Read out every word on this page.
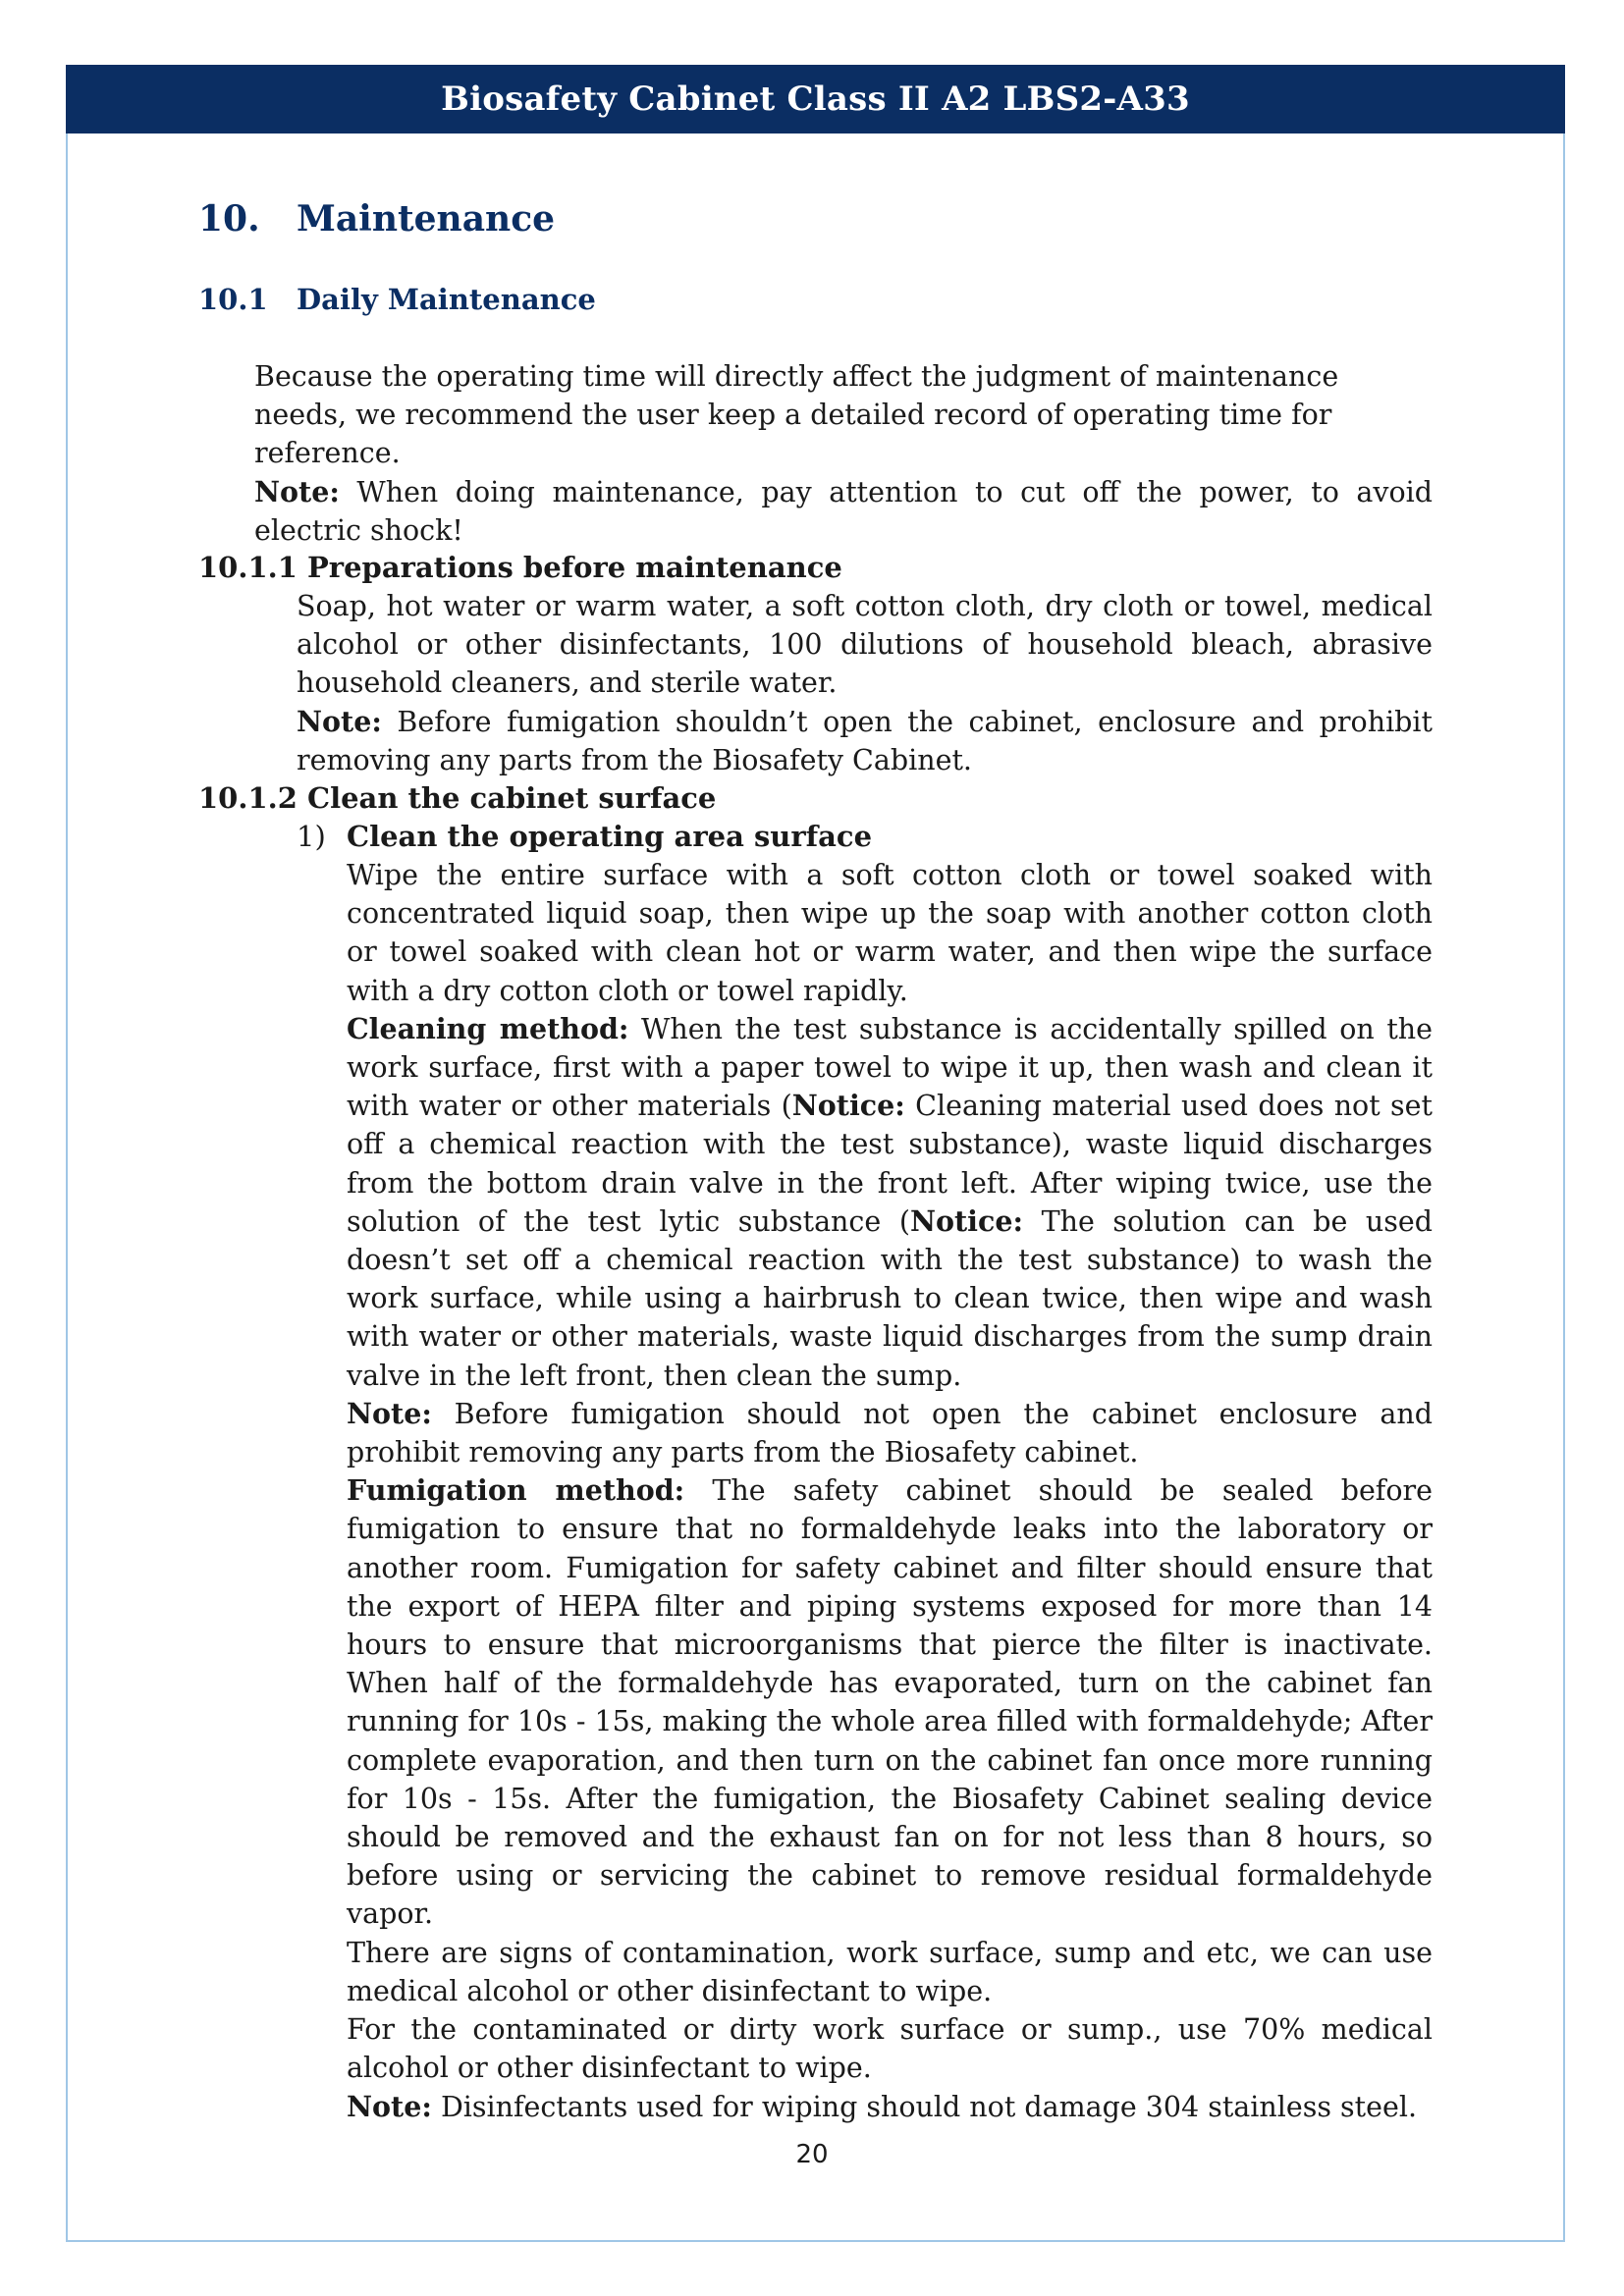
Biosafety Cabinet Class II A2 LBS2-A33
10. Maintenance
10.1 Daily Maintenance

Because the operating time will directly affect the judgment of maintenance needs, we recommend the user keep a detailed record of operating time for reference.

Note: When doing maintenance, pay attention to cut off the power, to avoid electric shock!

10.1.1 Preparations before maintenance

Soap, hot water or warm water, a soft cotton cloth, dry cloth or towel, medical alcohol or other disinfectants, 100 dilutions of household bleach, abrasive household cleaners, and sterile water.

Note: Before fumigation shouldn’t open the cabinet, enclosure and prohibit removing any parts from the Biosafety Cabinet.

10.1.2 Clean the cabinet surface
1) Clean the operating area surface

Wipe the entire surface with a soft cotton cloth or towel soaked with concentrated liquid soap, then wipe up the soap with another cotton cloth or towel soaked with clean hot or warm water, and then wipe the surface with a dry cotton cloth or towel rapidly.

Cleaning method: When the test substance is accidentally spilled on the work surface, first with a paper towel to wipe it up, then wash and clean it with water or other materials (Notice: Cleaning material used does not set off a chemical reaction with the test substance), waste liquid discharges from the bottom drain valve in the front left. After wiping twice, use the solution of the test lytic substance (Notice: The solution can be used doesn’t set off a chemical reaction with the test substance) to wash the work surface, while using a hairbrush to clean twice, then wipe and wash with water or other materials, waste liquid discharges from the sump drain valve in the left front, then clean the sump.

Note: Before fumigation should not open the cabinet enclosure and prohibit removing any parts from the Biosafety cabinet.

Fumigation method: The safety cabinet should be sealed before fumigation to ensure that no formaldehyde leaks into the laboratory or another room. Fumigation for safety cabinet and filter should ensure that the export of HEPA filter and piping systems exposed for more than 14 hours to ensure that microorganisms that pierce the filter is inactivate. When half of the formaldehyde has evaporated, turn on the cabinet fan running for 10s - 15s, making the whole area filled with formaldehyde; After complete evaporation, and then turn on the cabinet fan once more running for 10s - 15s. After the fumigation, the Biosafety Cabinet sealing device should be removed and the exhaust fan on for not less than 8 hours, so before using or servicing the cabinet to remove residual formaldehyde vapor.

There are signs of contamination, work surface, sump and etc, we can use medical alcohol or other disinfectant to wipe.

For the contaminated or dirty work surface or sump., use 70% medical alcohol or other disinfectant to wipe.

Note: Disinfectants used for wiping should not damage 304 stainless steel.

20
